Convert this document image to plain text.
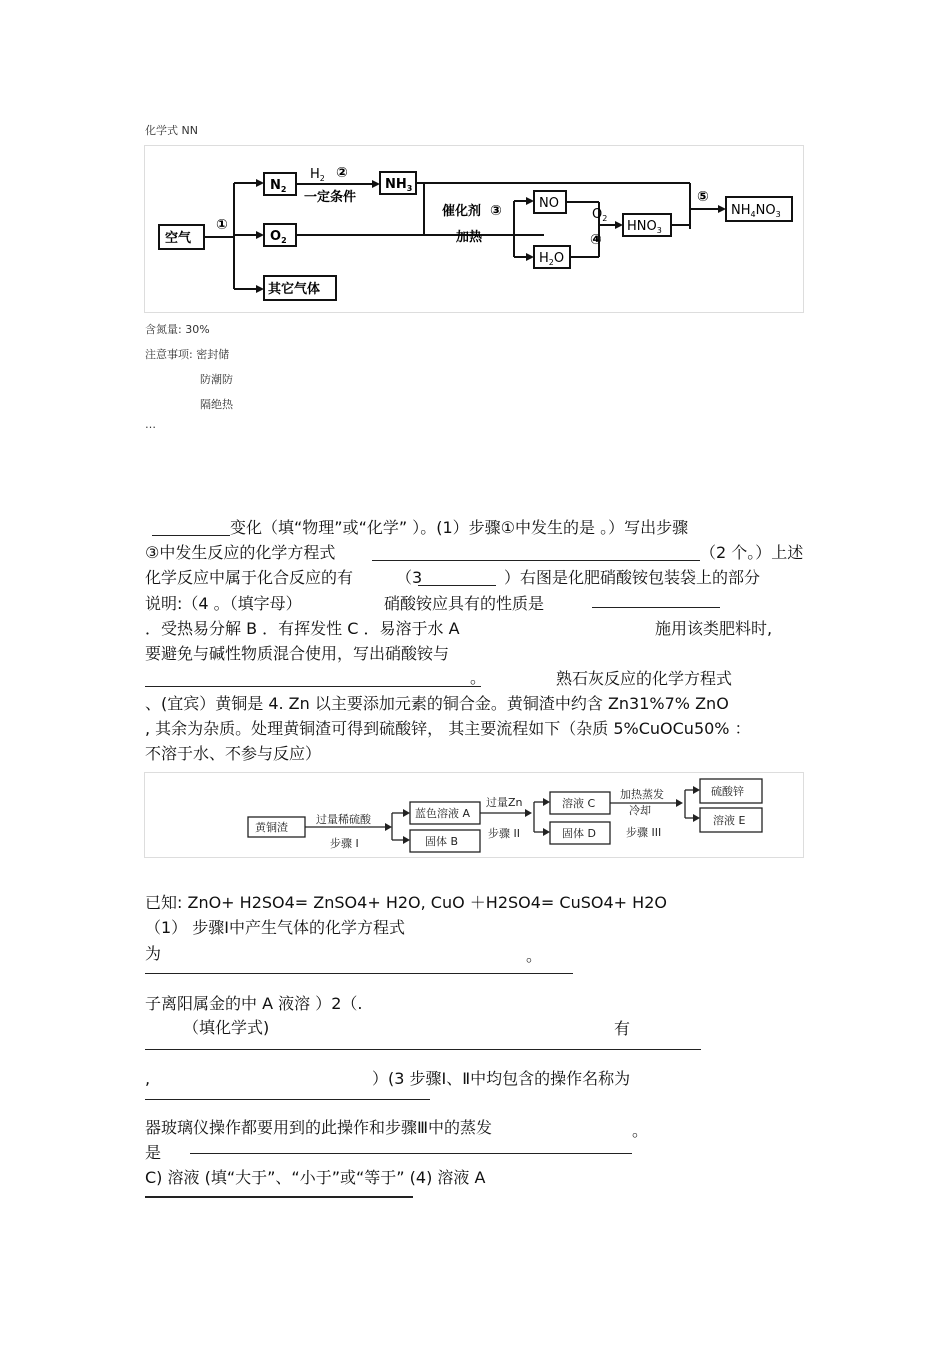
化学式 NN
空气
$N_2$
$O_2$
其它气体
①
$H_2$ ②
一定条件
$NH_3$
催化剂 ③
加热
NO
$H_2O$
$O_2$
④
$HNO_3$
⑤
$NH_4NO_3$
含氮量: 30%
注意事项: 密封储
防潮防
隔绝热
…
变化（填“物理”或“化学” ）。(1）步骤①中发生的是 。）写出步骤
③中发生反应的化学方程式	（2 个。）上述
化学反应中属于化合反应的有	（3	）右图是化肥硝酸铵包装袋上的部分
说明:（4 。（填字母）	硝酸铵应具有的性质是
．受热易分解 B ．有挥发性 C ．易溶于水 A	施用该类肥料时,
要避免与碱性物质混合使用，写出硝酸铵与
。	熟石灰反应的化学方程式
、(宜宾）黄铜是 4. Zn 以主要添加元素的铜合金。黄铜渣中约含 Zn31%7% ZnO
, 其余为杂质。处理黄铜渣可得到硫酸锌， 其主要流程如下（杂质 5%CuOCu50% ：
不溶于水、不参与反应）
黄铜渣
过量稀硫酸
步骤 I
蓝色溶液 A
固体 B
过量Zn
步骤 II
溶液 C
固体 D
加热蒸发
冷却
步骤 III
硫酸锌
溶液 E
已知: ZnO+ H2SO4= ZnSO4+ H2O, CuO ＋H2SO4= CuSO4+ H2O
（1） 步骤Ⅰ中产生气体的化学方程式
为	。
子离阳属金的中 A 液溶 ）2（.
（填化学式)	有
,	）(3 步骤Ⅰ、Ⅱ中均包含的操作名称为
器玻璃仪操作都要用到的此操作和步骤Ⅲ中的蒸发	。
是
C) 溶液 (填“大于”、“小于”或“等于” (4) 溶液 A
